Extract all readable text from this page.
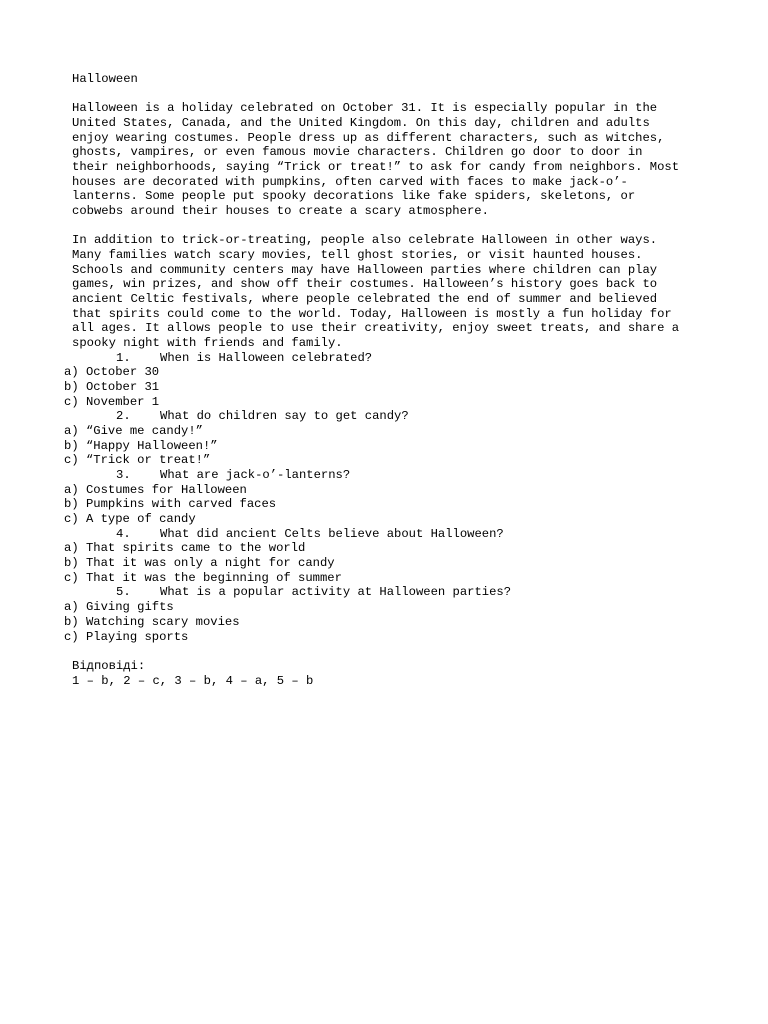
Halloween
Halloween is a holiday celebrated on October 31. It is especially popular in the
United States, Canada, and the United Kingdom. On this day, children and adults
enjoy wearing costumes. People dress up as different characters, such as witches,
ghosts, vampires, or even famous movie characters. Children go door to door in
their neighborhoods, saying “Trick or treat!” to ask for candy from neighbors. Most
houses are decorated with pumpkins, often carved with faces to make jack-o’-
lanterns. Some people put spooky decorations like fake spiders, skeletons, or
cobwebs around their houses to create a scary atmosphere.
In addition to trick-or-treating, people also celebrate Halloween in other ways.
Many families watch scary movies, tell ghost stories, or visit haunted houses.
Schools and community centers may have Halloween parties where children can play
games, win prizes, and show off their costumes. Halloween’s history goes back to
ancient Celtic festivals, where people celebrated the end of summer and believed
that spirits could come to the world. Today, Halloween is mostly a fun holiday for
all ages. It allows people to use their creativity, enjoy sweet treats, and share a
spooky night with friends and family.
1. When is Halloween celebrated?
a) October 30
b) October 31
c) November 1
2. What do children say to get candy?
a) “Give me candy!”
b) “Happy Halloween!”
c) “Trick or treat!”
3. What are jack-o’-lanterns?
a) Costumes for Halloween
b) Pumpkins with carved faces
c) A type of candy
4. What did ancient Celts believe about Halloween?
a) That spirits came to the world
b) That it was only a night for candy
c) That it was the beginning of summer
5. What is a popular activity at Halloween parties?
a) Giving gifts
b) Watching scary movies
c) Playing sports
Відповіді:
1 – b, 2 – c, 3 – b, 4 – a, 5 – b
